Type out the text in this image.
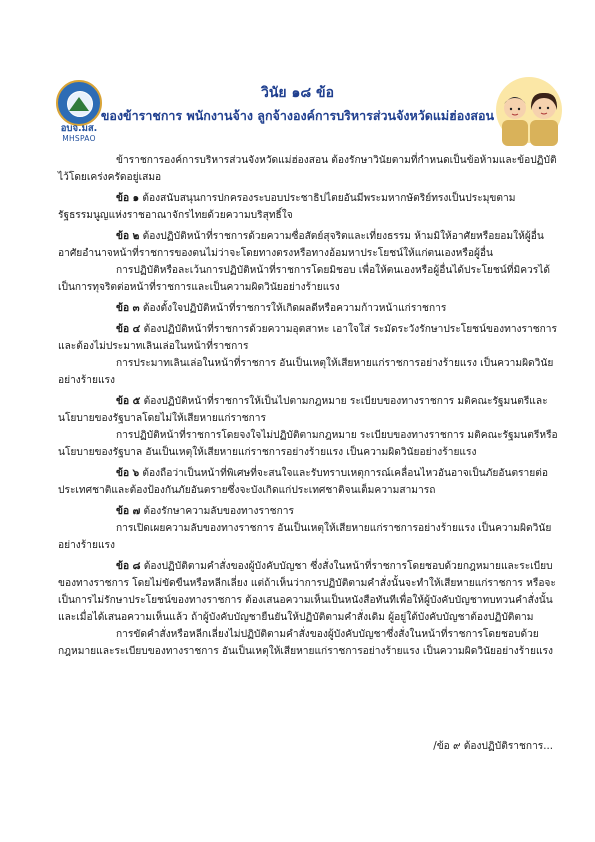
อบจ.มส.
MHSPAO
วินัย ๑๘ ข้อ
ของข้าราชการ พนักงานจ้าง ลูกจ้างองค์การบริหารส่วนจังหวัดแม่ฮ่องสอน

ข้าราชการองค์การบริหารส่วนจังหวัดแม่ฮ่องสอน ต้องรักษาวินัยตามที่กำหนดเป็นข้อห้ามและข้อปฏิบัติไว้โดยเคร่งครัดอยู่เสมอ

ข้อ ๑ ต้องสนับสนุนการปกครองระบอบประชาธิปไตยอันมีพระมหากษัตริย์ทรงเป็นประมุขตามรัฐธรรมนูญแห่งราชอาณาจักรไทยด้วยความบริสุทธิ์ใจ

ข้อ ๒ ต้องปฏิบัติหน้าที่ราชการด้วยความซื่อสัตย์สุจริตและเที่ยงธรรม ห้ามมิให้อาศัยหรือยอมให้ผู้อื่นอาศัยอำนาจหน้าที่ราชการของตนไม่ว่าจะโดยทางตรงหรือทางอ้อมหาประโยชน์ให้แก่ตนเองหรือผู้อื่น

การปฏิบัติหรือละเว้นการปฏิบัติหน้าที่ราชการโดยมิชอบ เพื่อให้ตนเองหรือผู้อื่นได้ประโยชน์ที่มิควรได้เป็นการทุจริตต่อหน้าที่ราชการและเป็นความผิดวินัยอย่างร้ายแรง

ข้อ ๓ ต้องตั้งใจปฏิบัติหน้าที่ราชการให้เกิดผลดีหรือความก้าวหน้าแก่ราชการ

ข้อ ๔ ต้องปฏิบัติหน้าที่ราชการด้วยความอุตสาหะ เอาใจใส่ ระมัดระวังรักษาประโยชน์ของทางราชการและต้องไม่ประมาทเลินเล่อในหน้าที่ราชการ

การประมาทเลินเล่อในหน้าที่ราชการ อันเป็นเหตุให้เสียหายแก่ราชการอย่างร้ายแรง เป็นความผิดวินัยอย่างร้ายแรง

ข้อ ๕ ต้องปฏิบัติหน้าที่ราชการให้เป็นไปตามกฎหมาย ระเบียบของทางราชการ มติคณะรัฐมนตรีและนโยบายของรัฐบาลโดยไม่ให้เสียหายแก่ราชการ

การปฏิบัติหน้าที่ราชการโดยจงใจไม่ปฏิบัติตามกฎหมาย ระเบียบของทางราชการ มติคณะรัฐมนตรีหรือนโยบายของรัฐบาล อันเป็นเหตุให้เสียหายแก่ราชการอย่างร้ายแรง เป็นความผิดวินัยอย่างร้ายแรง

ข้อ ๖ ต้องถือว่าเป็นหน้าที่พิเศษที่จะสนใจและรับทราบเหตุการณ์เคลื่อนไหวอันอาจเป็นภัยอันตรายต่อประเทศชาติและต้องป้องกันภัยอันตรายซึ่งจะบังเกิดแก่ประเทศชาติจนเต็มความสามารถ

ข้อ ๗ ต้องรักษาความลับของทางราชการ

การเปิดเผยความลับของทางราชการ อันเป็นเหตุให้เสียหายแก่ราชการอย่างร้ายแรง เป็นความผิดวินัยอย่างร้ายแรง

ข้อ ๘ ต้องปฏิบัติตามคำสั่งของผู้บังคับบัญชา ซึ่งสั่งในหน้าที่ราชการโดยชอบด้วยกฎหมายและระเบียบของทางราชการ โดยไม่ขัดขืนหรือหลีกเลี่ยง แต่ถ้าเห็นว่าการปฏิบัติตามคำสั่งนั้นจะทำให้เสียหายแก่ราชการ หรือจะเป็นการไม่รักษาประโยชน์ของทางราชการ ต้องเสนอความเห็นเป็นหนังสือทันทีเพื่อให้ผู้บังคับบัญชาทบทวนคำสั่งนั้น และเมื่อได้เสนอความเห็นแล้ว ถ้าผู้บังคับบัญชายืนยันให้ปฏิบัติตามคำสั่งเดิม ผู้อยู่ใต้บังคับบัญชาต้องปฏิบัติตาม

การขัดคำสั่งหรือหลีกเลี่ยงไม่ปฏิบัติตามคำสั่งของผู้บังคับบัญชาซึ่งสั่งในหน้าที่ราชการโดยชอบด้วยกฎหมายและระเบียบของทางราชการ อันเป็นเหตุให้เสียหายแก่ราชการอย่างร้ายแรง เป็นความผิดวินัยอย่างร้ายแรง

/ข้อ ๙ ต้องปฏิบัติราชการ...
